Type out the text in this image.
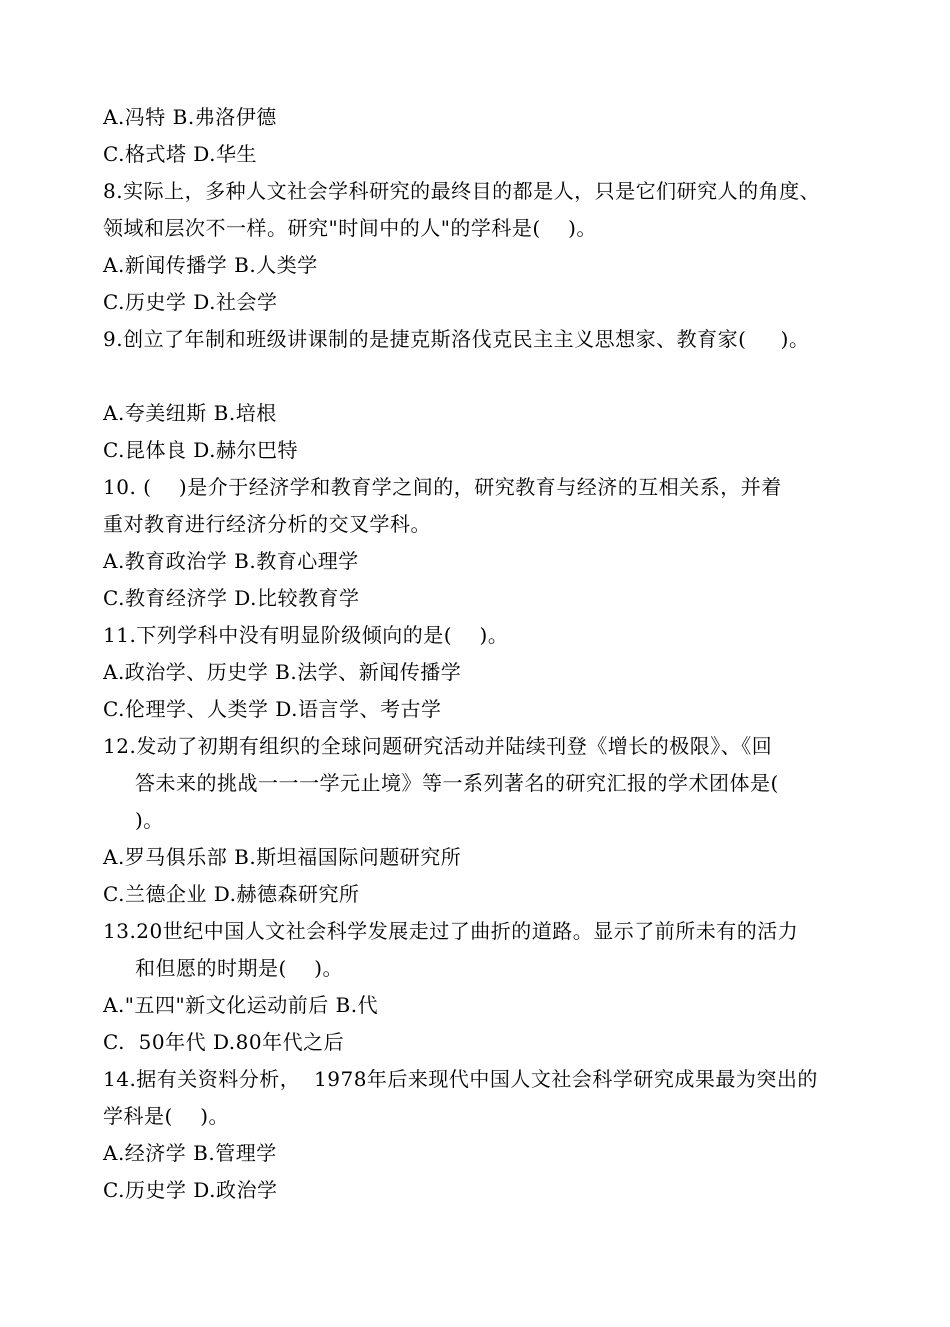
A.冯特 B.弗洛伊德
C.格式塔 D.华生
8.实际上，多种人文社会学科研究的最终目的都是人，只是它们研究人的角度、
领域和层次不一样。研究"时间中的人"的学科是(    )。
A.新闻传播学 B.人类学
C.历史学 D.社会学
9.创立了年制和班级讲课制的是捷克斯洛伐克民主主义思想家、教育家(     )。
A.夸美纽斯 B.培根
C.昆体良 D.赫尔巴特
10. (    )是介于经济学和教育学之间的，研究教育与经济的互相关系，并着
重对教育进行经济分析的交叉学科。
A.教育政治学 B.教育心理学
C.教育经济学 D.比较教育学
11.下列学科中没有明显阶级倾向的是(    )。
A.政治学、历史学 B.法学、新闻传播学
C.伦理学、人类学 D.语言学、考古学
12.发动了初期有组织的全球问题研究活动并陆续刊登《增长的极限》、《回
答未来的挑战一一一学元止境》等一系列著名的研究汇报的学术团体是(
)。
A.罗马俱乐部 B.斯坦福国际问题研究所
C.兰德企业 D.赫德森研究所
13.20世纪中国人文社会科学发展走过了曲折的道路。显示了前所未有的活力
和但愿的时期是(    )。
A."五四"新文化运动前后 B.代
C.  50年代 D.80年代之后
14.据有关资料分析，  1978年后来现代中国人文社会科学研究成果最为突出的
学科是(    )。
A.经济学 B.管理学
C.历史学 D.政治学
